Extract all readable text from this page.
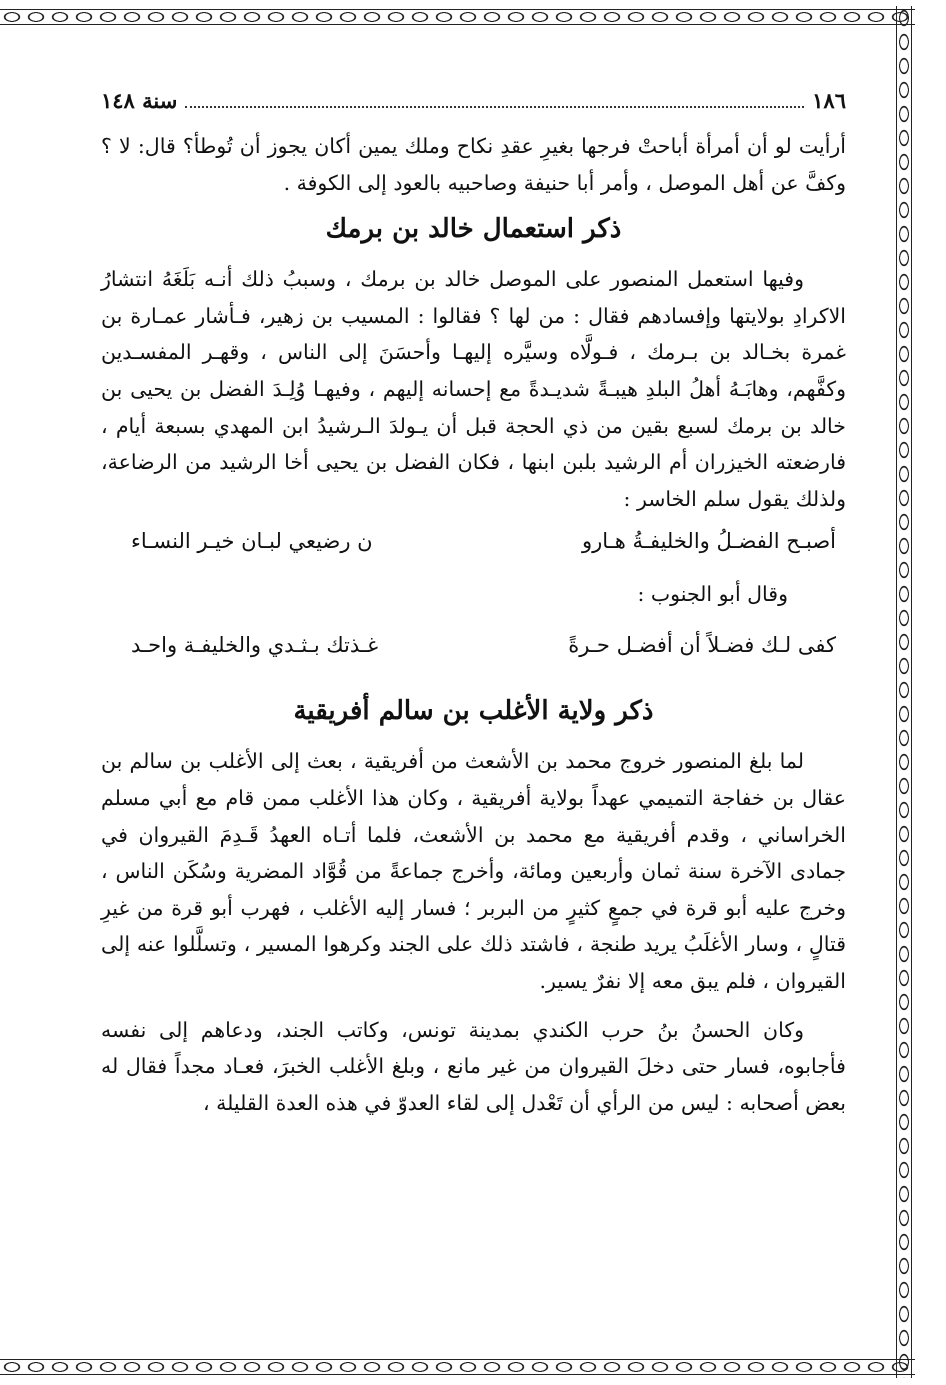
١٨٦
سنة ١٤٨

أرأيت لو أن أمرأة أباحتْ فرجها بغيرِ عقدِ نكاح وملك يمين أكان يجوز أن تُوطأ؟ قال: لا ؟ وكفَّ عن أهل الموصل ، وأمر أبا حنيفة وصاحبيه بالعود إلى الكوفة .

ذكر استعمال خالد بن برمك

وفيها استعمل المنصور على الموصل خالد بن برمك ، وسببُ ذلك أنـه بَلَغَهُ انتشارُ الاكرادِ بولايتها وإفسادهم فقال : من لها ؟ فقالوا : المسيب بن زهير، فـأشار عمـارة بن غمرة بخـالد بن بـرمك ، فـولَّاه وسيَّره إليهـا وأحسَنَ إلى الناس ، وقهـر المفسـدين وكفَّهم، وهابَـهُ أهلُ البلدِ هيبـةً شديـدةً مع إحسانه إليهم ، وفيهـا وُلِـدَ الفضل بن يحيى بن خالد بن برمك لسبع بقين من ذي الحجة قبل أن يـولدَ الـرشيدُ ابن المهدي بسبعة أيام ، فارضعته الخيزران أم الرشيد بلبن ابنها ، فكان الفضل بن يحيى أخا الرشيد من الرضاعة، ولذلك يقول سلم الخاسر :

أصبـح الفضـلُ والخليفـةُ هـارو
ن رضيعي لبـان خيـر النسـاء
وقال أبو الجنوب :
كفى لـك فضـلاً أن أفضـل حـرةً
غـذتك بـثـدي والخليفـة واحـد
ذكر ولاية الأغلب بن سالم أفريقية

لما بلغ المنصور خروج محمد بن الأشعث من أفريقية ، بعث إلى الأغلب بن سالم بن عقال بن خفاجة التميمي عهداً بولاية أفريقية ، وكان هذا الأغلب ممن قام مع أبي مسلم الخراساني ، وقدم أفريقية مع محمد بن الأشعث، فلما أتـاه العهدُ قَـدِمَ القيروان في جمادى الآخرة سنة ثمان وأربعين ومائة، وأخرج جماعةً من قُوَّاد المضرية وسُكَن الناس ، وخرج عليه أبو قرة في جمعٍ كثيرٍ من البربر ؛ فسار إليه الأغلب ، فهرب أبو قرة من غيرِ قتالٍ ، وسار الأغلَبُ يريد طنجة ، فاشتد ذلك على الجند وكرهوا المسير ، وتسلَّلوا عنه إلى القيروان ، فلم يبق معه إلا نفرٌ يسير.

وكان الحسنُ بنُ حرب الكندي بمدينة تونس، وكاتب الجند، ودعاهم إلى نفسه فأجابوه، فسار حتى دخلَ القيروان من غير مانع ، وبلغ الأغلب الخبرَ، فعـاد مجداً فقال له بعض أصحابه : ليس من الرأي أن تَعْدل إلى لقاء العدوّ في هذه العدة القليلة ،
